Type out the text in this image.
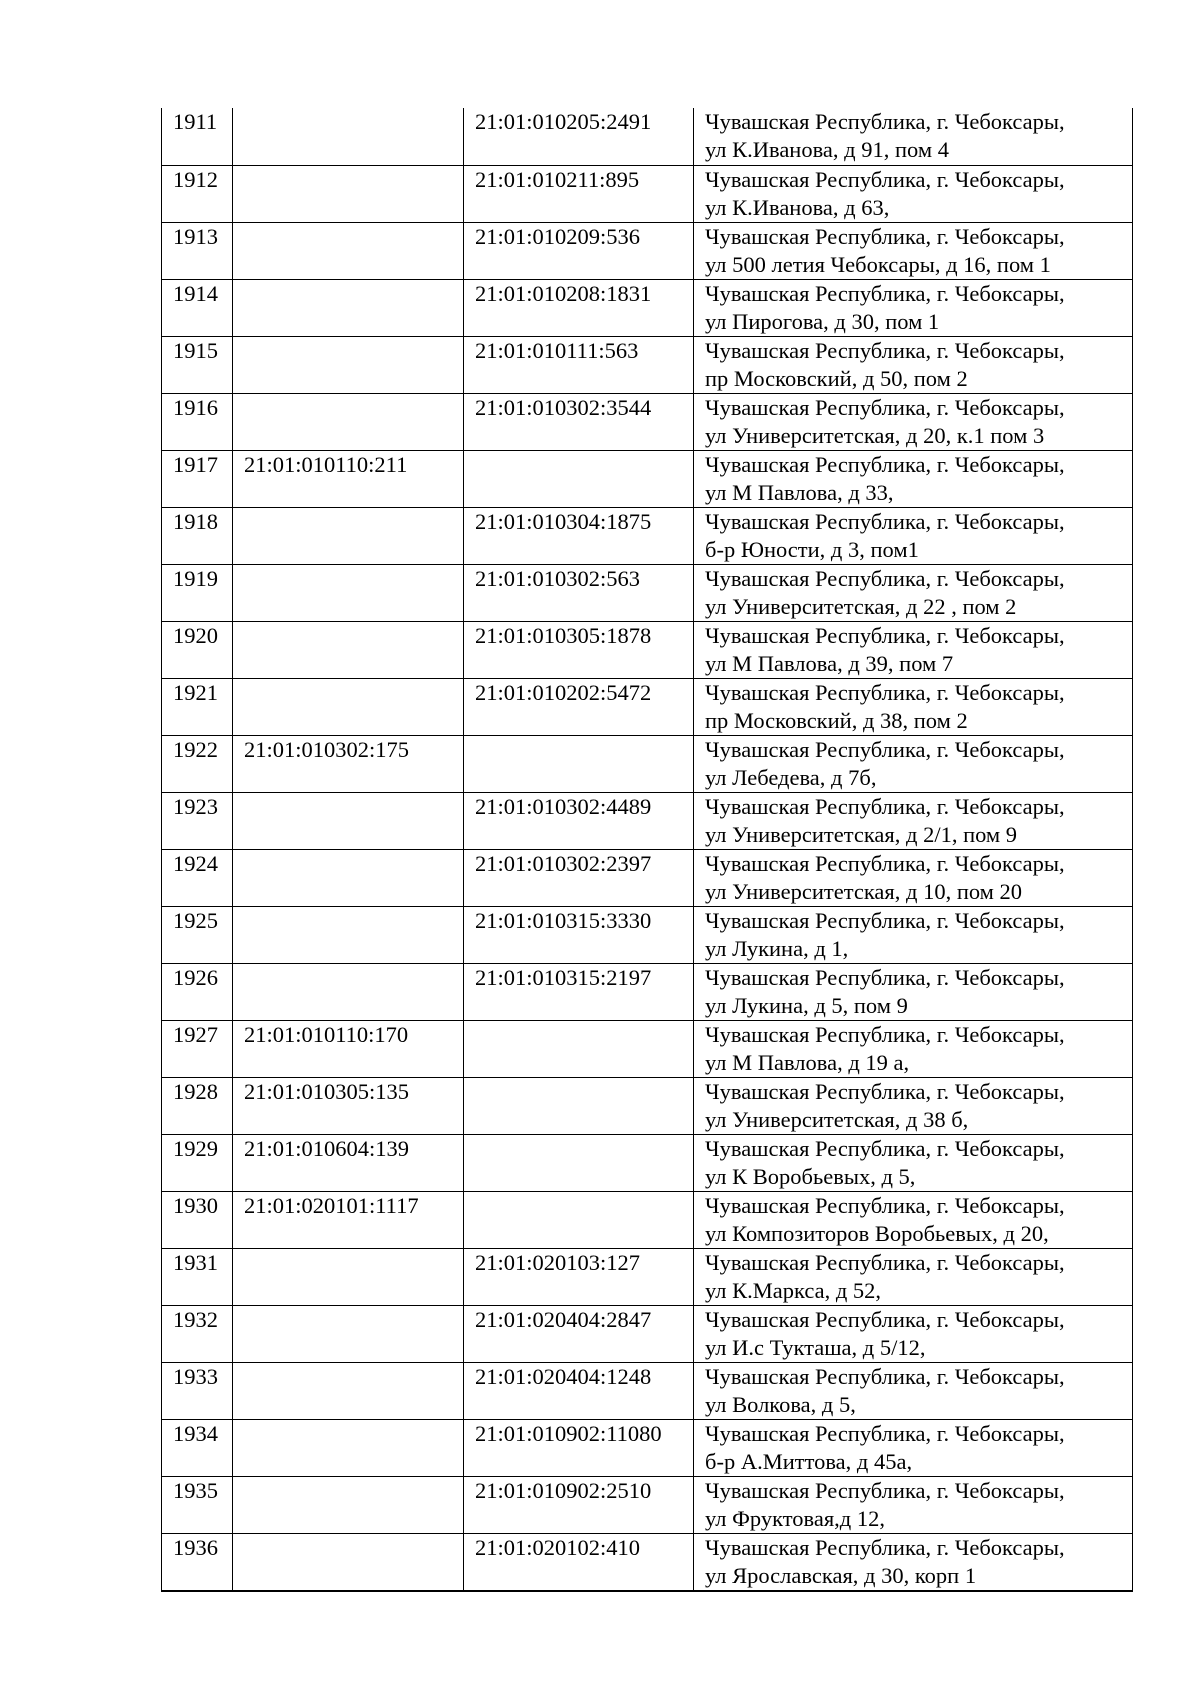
1911		21:01:010205:2491	Чувашская Республика, г. Чебоксары,
ул К.Иванова, д 91, пом 4

1912		21:01:010211:895	Чувашская Республика, г. Чебоксары,
ул К.Иванова, д 63,

1913		21:01:010209:536	Чувашская Республика, г. Чебоксары,
ул 500 летия Чебоксары, д 16, пом 1

1914		21:01:010208:1831	Чувашская Республика, г. Чебоксары,
ул Пирогова, д 30, пом 1

1915		21:01:010111:563	Чувашская Республика, г. Чебоксары,
пр Московский, д 50, пом 2

1916		21:01:010302:3544	Чувашская Республика, г. Чебоксары,
ул Университетская, д 20, к.1 пом 3

1917	21:01:010110:211		Чувашская Республика, г. Чебоксары,
ул М Павлова, д 33,

1918		21:01:010304:1875	Чувашская Республика, г. Чебоксары,
б-р Юности, д 3, пом1

1919		21:01:010302:563	Чувашская Республика, г. Чебоксары,
ул Университетская, д 22 , пом 2

1920		21:01:010305:1878	Чувашская Республика, г. Чебоксары,
ул М Павлова, д 39, пом 7

1921		21:01:010202:5472	Чувашская Республика, г. Чебоксары,
пр Московский, д 38, пом 2

1922	21:01:010302:175		Чувашская Республика, г. Чебоксары,
ул Лебедева, д 7б,

1923		21:01:010302:4489	Чувашская Республика, г. Чебоксары,
ул Университетская, д 2/1, пом 9

1924		21:01:010302:2397	Чувашская Республика, г. Чебоксары,
ул Университетская, д 10, пом 20

1925		21:01:010315:3330	Чувашская Республика, г. Чебоксары,
ул Лукина, д 1,

1926		21:01:010315:2197	Чувашская Республика, г. Чебоксары,
ул Лукина, д 5, пом 9

1927	21:01:010110:170		Чувашская Республика, г. Чебоксары,
ул М Павлова, д 19 а,

1928	21:01:010305:135		Чувашская Республика, г. Чебоксары,
ул Университетская, д 38 б,

1929	21:01:010604:139		Чувашская Республика, г. Чебоксары,
ул К Воробьевых, д 5,

1930	21:01:020101:1117		Чувашская Республика, г. Чебоксары,
ул Композиторов Воробьевых, д 20,

1931		21:01:020103:127	Чувашская Республика, г. Чебоксары,
ул К.Маркса, д 52,

1932		21:01:020404:2847	Чувашская Республика, г. Чебоксары,
ул И.с Тукташа, д 5/12,

1933		21:01:020404:1248	Чувашская Республика, г. Чебоксары,
ул Волкова, д 5,

1934		21:01:010902:11080	Чувашская Республика, г. Чебоксары,
б-р А.Миттова, д 45а,

1935		21:01:010902:2510	Чувашская Республика, г. Чебоксары,
ул Фруктовая,д 12,

1936		21:01:020102:410	Чувашская Республика, г. Чебоксары,
ул Ярославская, д 30, корп 1
